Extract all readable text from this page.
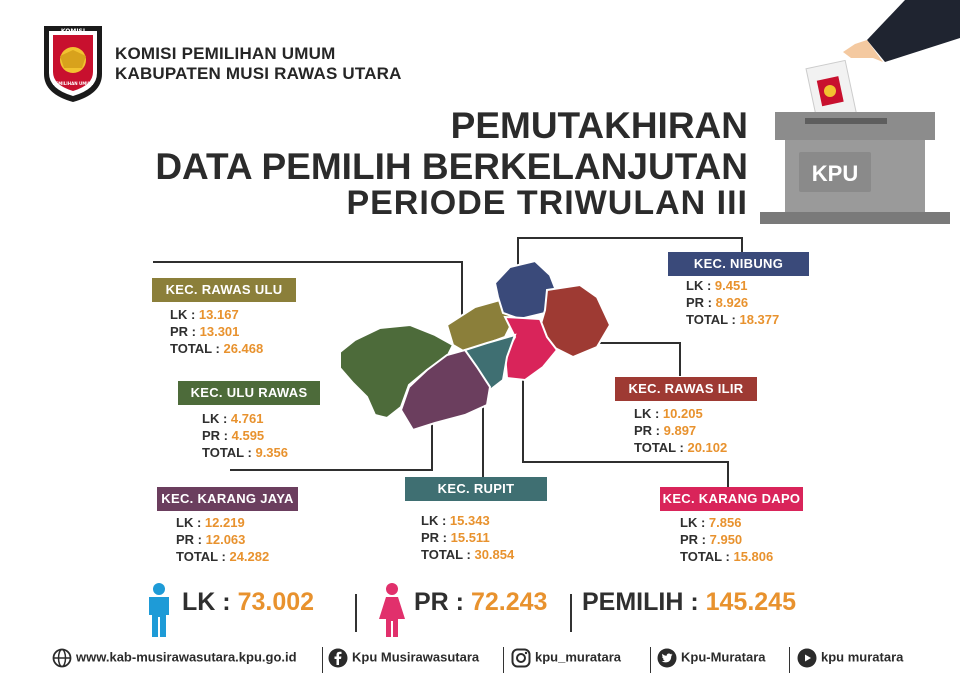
KOMISI
PEMILIHAN UMUM
KOMISI PEMILIHAN UMUM
KABUPATEN MUSI RAWAS UTARA
PEMUTAKHIRAN
DATA PEMILIH BERKELANJUTAN
PERIODE TRIWULAN III
KPU
KEC. RAWAS ULU
LK : 13.167
PR : 13.301
TOTAL : 26.468
KEC. ULU RAWAS
LK : 4.761
PR : 4.595
TOTAL : 9.356
KEC. KARANG JAYA
LK : 12.219
PR : 12.063
TOTAL : 24.282
KEC. RUPIT
LK : 15.343
PR : 15.511
TOTAL : 30.854
KEC. KARANG DAPO
LK : 7.856
PR : 7.950
TOTAL : 15.806
KEC. NIBUNG
LK : 9.451
PR : 8.926
TOTAL : 18.377
KEC. RAWAS ILIR
LK : 10.205
PR : 9.897
TOTAL : 20.102
LK : 73.002	PR : 72.243 PEMILIH : 145.245
www.kab-musirawasutara.kpu.go.id	Kpu Musirawasutara	kpu_muratara	Kpu-Muratara	kpu muratara
